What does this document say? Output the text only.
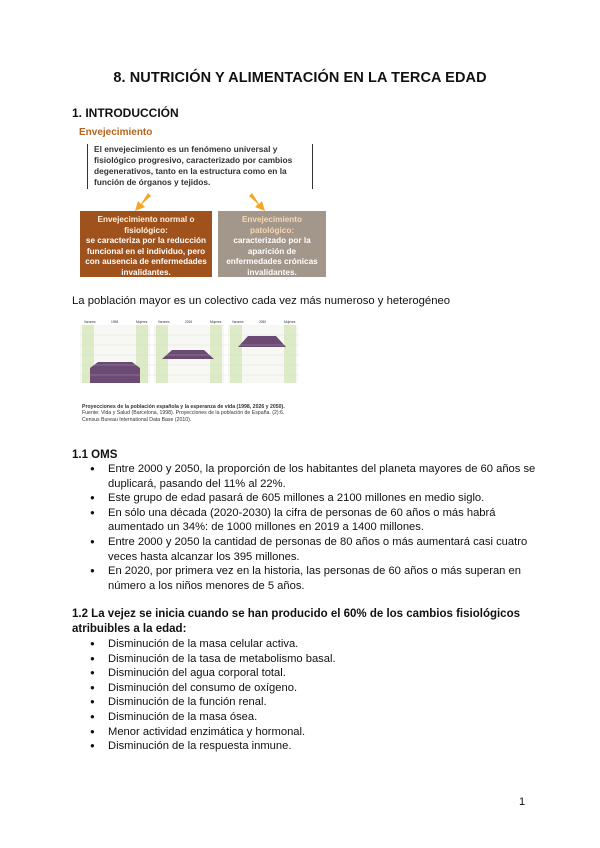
8. NUTRICIÓN Y ALIMENTACIÓN EN LA TERCA EDAD
1. INTRODUCCIÓN
Envejecimiento
El envejecimiento es un fenómeno universal y
fisiológico progresivo, caracterizado por cambios
degenerativos, tanto en la estructura como en la
función de órganos y tejidos.
Envejecimiento normal o
fisiológico:
se caracteriza por la reducción
funcional en el individuo, pero
con ausencia de enfermedades
invalidantes.
Envejecimiento
patológico:
caracterizado por la
aparición de
enfermedades crónicas
invalidantes.
La población mayor es un colectivo cada vez más numeroso y heterogéneo
Varones	1998	Mujeres	Varones	2026	Mujeres	Varones	2050	Mujeres
Proyecciones de la población española y la esperanza de vida (1998, 2026 y 2050).
Fuente: Vida y Salud (Barcelona, 1998). Proyecciones de la población de España. (2):6.
Census Bureau International Data Base (2010).
1.1 OMS
● Entre 2000 y 2050, la proporción de los habitantes del planeta mayores de 60 años se duplicará, pasando del 11% al 22%.
● Este grupo de edad pasará de 605 millones a 2100 millones en medio siglo.
● En sólo una década (2020-2030) la cifra de personas de 60 años o más habrá aumentado un 34%: de 1000 millones en 2019 a 1400 millones.
● Entre 2000 y 2050 la cantidad de personas de 80 años o más aumentará casi cuatro veces hasta alcanzar los 395 millones.
● En 2020, por primera vez en la historia, las personas de 60 años o más superan en número a los niños menores de 5 años.
1.2 La vejez se inicia cuando se han producido el 60% de los cambios fisiológicos atribuibles a la edad:
● Disminución de la masa celular activa.
● Disminución de la tasa de metabolismo basal.
● Disminución del agua corporal total.
● Disminución del consumo de oxígeno.
● Disminución de la función renal.
● Disminución de la masa ósea.
● Menor actividad enzimática y hormonal.
● Disminución de la respuesta inmune.
1
